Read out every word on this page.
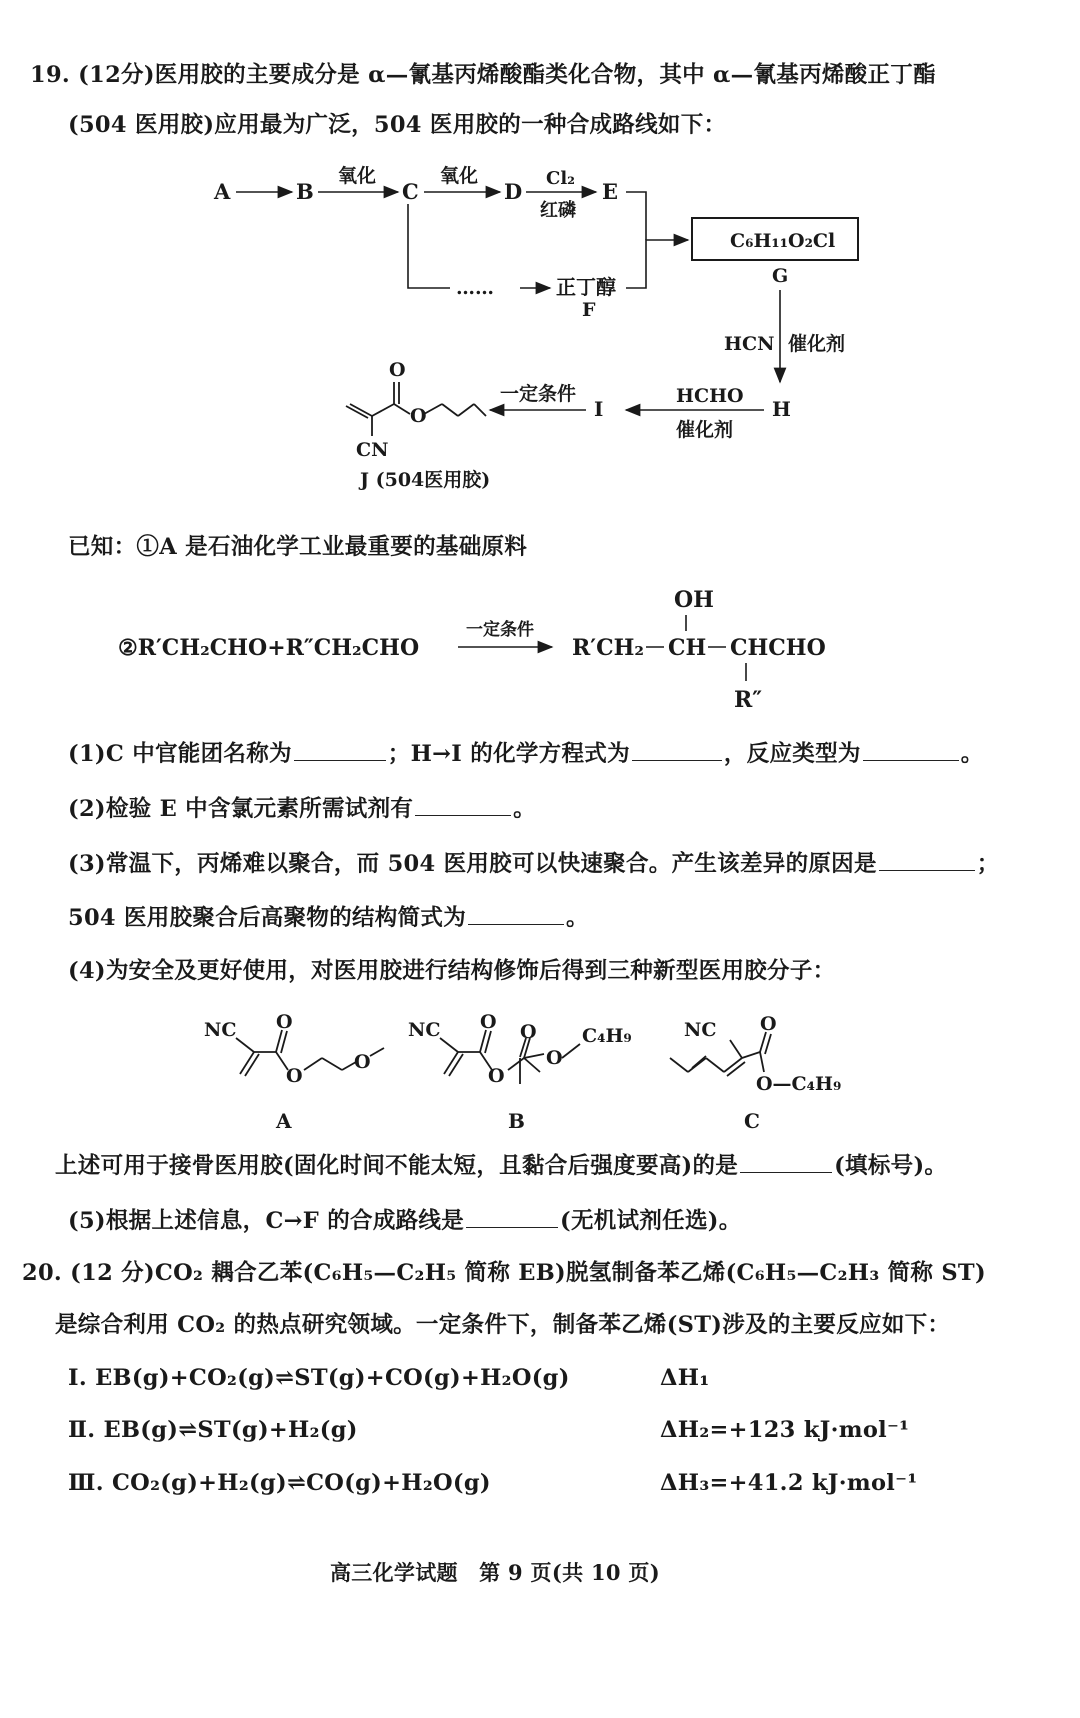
19. (12分)医用胶的主要成分是 α—氰基丙烯酸酯类化合物，其中 α—氰基丙烯酸正丁酯
(504 医用胶)应用最为广泛，504 医用胶的一种合成路线如下：
A	B
氧化
C
氧化
D
Cl₂
红磷
E
……	正丁醇
F
C₆H₁₁O₂Cl
G
HCN 催化剂
H
HCHO
催化剂
I
一定条件
O
O
CN
J (504医用胶)
已知：①A 是石油化学工业最重要的基础原料
②R′CH₂CHO+R″CH₂CHO
一定条件
OH
R′CH₂ CH CHCHO
R″
(1)C 中官能团名称为	；H→I 的化学方程式为	，反应类型为	。
(2)检验 E 中含氯元素所需试剂有	。
(3)常温下，丙烯难以聚合，而 504 医用胶可以快速聚合。产生该差异的原因是	；
504 医用胶聚合后高聚物的结构简式为	。
(4)为安全及更好使用，对医用胶进行结构修饰后得到三种新型医用胶分子：
NC O
O
O
A
NC O
O
O
O
C₄H₉
B
NC O
O—C₄H₉
C
上述可用于接骨医用胶(固化时间不能太短，且黏合后强度要高)的是	(填标号)。
(5)根据上述信息，C→F 的合成路线是	(无机试剂任选)。
20. (12 分)CO₂ 耦合乙苯(C₆H₅—C₂H₅ 简称 EB)脱氢制备苯乙烯(C₆H₅—C₂H₃ 简称 ST)
是综合利用 CO₂ 的热点研究领域。一定条件下，制备苯乙烯(ST)涉及的主要反应如下：
Ⅰ. EB(g)+CO₂(g)⇌ST(g)+CO(g)+H₂O(g)	ΔH₁
Ⅱ. EB(g)⇌ST(g)+H₂(g)	ΔH₂=+123 kJ·mol⁻¹
Ⅲ. CO₂(g)+H₂(g)⇌CO(g)+H₂O(g)	ΔH₃=+41.2 kJ·mol⁻¹
高三化学试题　第 9 页(共 10 页)
